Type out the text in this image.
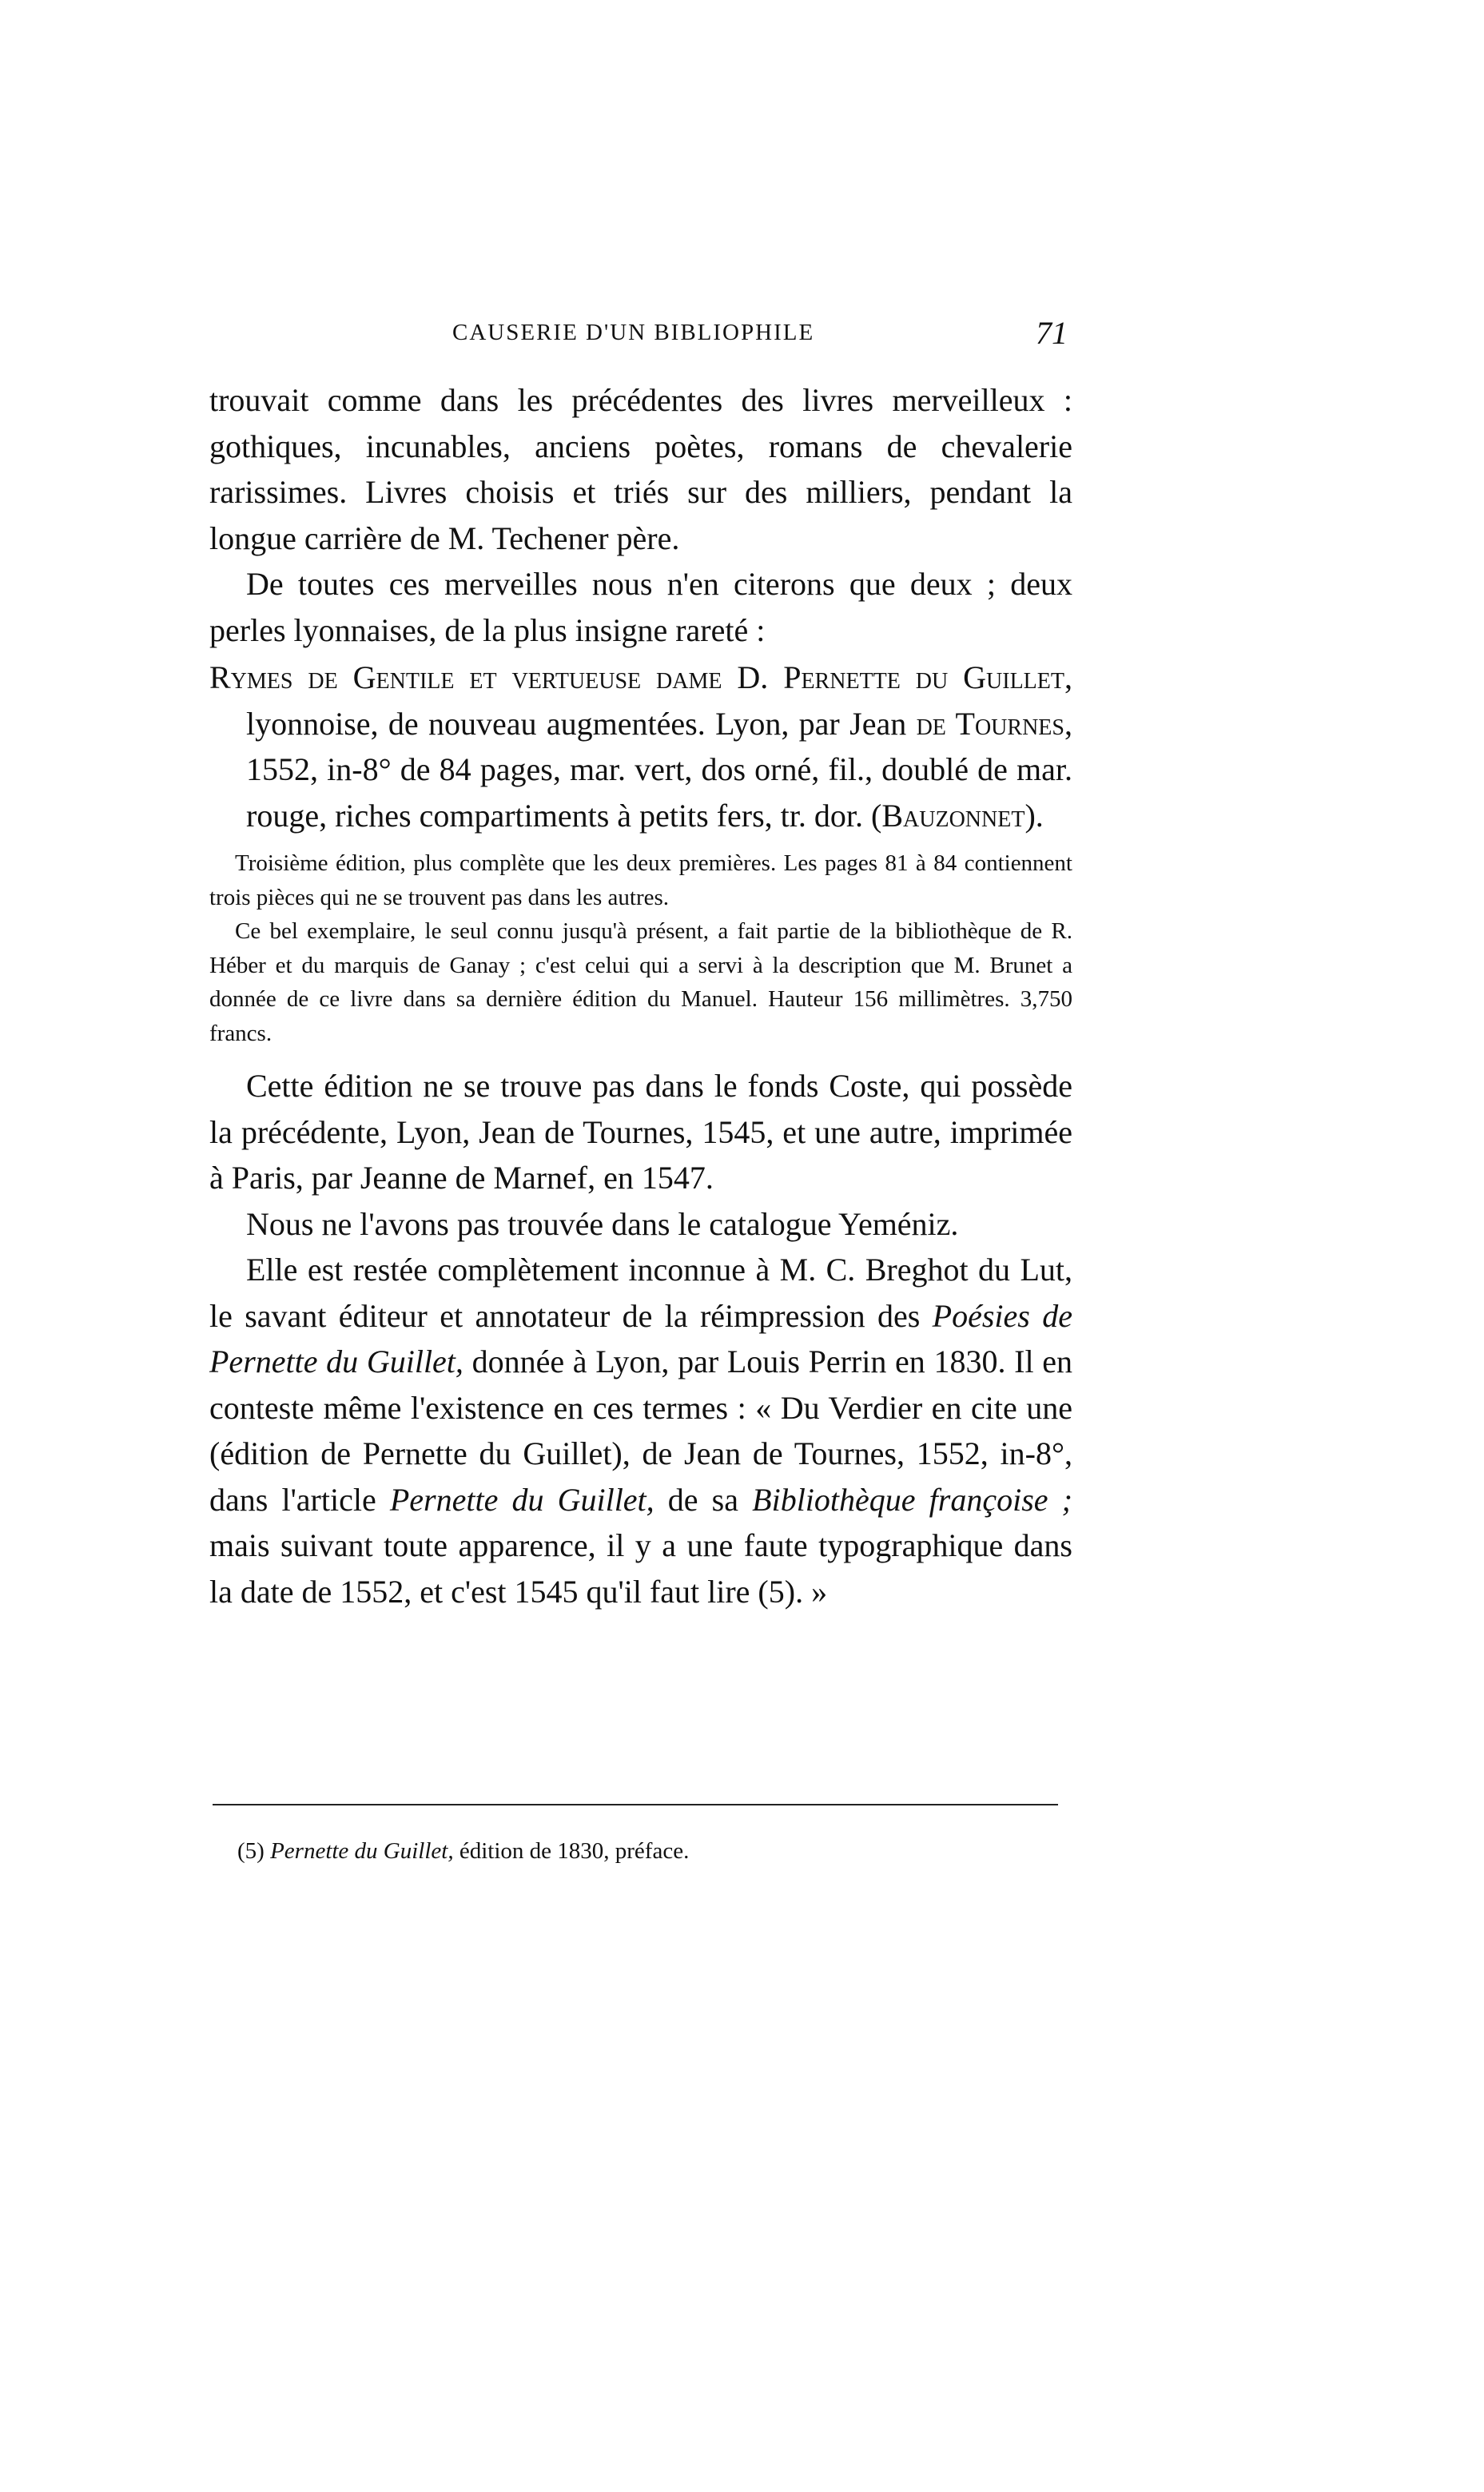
CAUSERIE D'UN BIBLIOPHILE	71

trouvait comme dans les précédentes des livres merveilleux : gothiques, incunables, anciens poètes, romans de chevalerie rarissimes. Livres choisis et triés sur des milliers, pendant la longue carrière de M. Techener père.

De toutes ces merveilles nous n'en citerons que deux ; deux perles lyonnaises, de la plus insigne rareté :

Rymes de Gentile et vertueuse dame D. Pernette du Guillet, lyonnoise, de nouveau augmentées. Lyon, par Jean de Tournes, 1552, in-8° de 84 pages, mar. vert, dos orné, fil., doublé de mar. rouge, riches compartiments à petits fers, tr. dor. (Bauzonnet).

Troisième édition, plus complète que les deux premières. Les pages 81 à 84 contiennent trois pièces qui ne se trouvent pas dans les autres.

Ce bel exemplaire, le seul connu jusqu'à présent, a fait partie de la bibliothèque de R. Héber et du marquis de Ganay ; c'est celui qui a servi à la description que M. Brunet a donnée de ce livre dans sa dernière édition du Manuel. Hauteur 156 millimètres. 3,750 francs.

Cette édition ne se trouve pas dans le fonds Coste, qui possède la précédente, Lyon, Jean de Tournes, 1545, et une autre, imprimée à Paris, par Jeanne de Marnef, en 1547.

Nous ne l'avons pas trouvée dans le catalogue Yeméniz.

Elle est restée complètement inconnue à M. C. Breghot du Lut, le savant éditeur et annotateur de la réimpression des Poésies de Pernette du Guillet, donnée à Lyon, par Louis Perrin en 1830. Il en conteste même l'existence en ces termes : « Du Verdier en cite une (édition de Pernette du Guillet), de Jean de Tournes, 1552, in-8°, dans l'article Pernette du Guillet, de sa Bibliothèque françoise ; mais suivant toute apparence, il y a une faute typographique dans la date de 1552, et c'est 1545 qu'il faut lire (5). »

(5) Pernette du Guillet, édition de 1830, préface.
